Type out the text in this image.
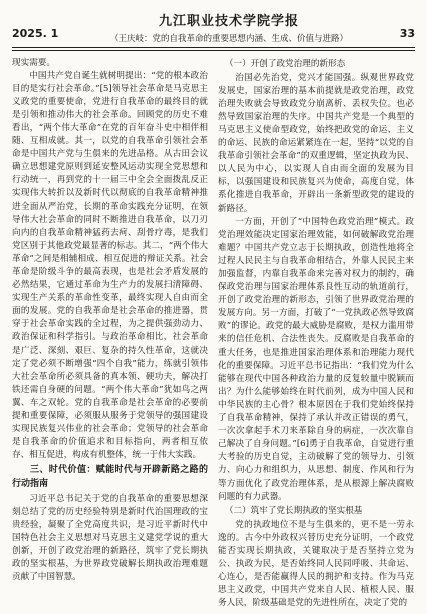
2025. 1
九江职业技术学院学报
（王庆岐：党的自我革命的重要思想内涵、生成、价值与进路）	33

现实需要。

中国共产党自诞生就树明提出：“党的根本政治目的是实行社会革命。”[5]领导社会革命是马克思主义政党的重要使命，党进行自我革命的最终目的就是引领和推动伟大的社会革命。回顾党的历史不难看出，“两个伟大革命”在党的百年奋斗史中相伴相随、互相成就。其一，以党的自我革命引领社会革命是中国共产党与生俱来的先进品格。从古田会议确立思想建党原则到延安整风运动实现全党思想和行动统一，再到党的十一届三中全会全面拨乱反正实现伟大转折以及新时代以彻底的自我革命精神推进全面从严治党，长期的革命实践充分证明，在领导伟大社会革命的同时不断推进自我革命，以刀刃向内的自我革命精神猛药去疴、刮骨疗毒，是我们党区别于其他政党最显著的标志。其二，“两个伟大革命”之间是相辅相成、相互促进的辩证关系。社会革命是阶级斗争的最高表现，也是社会矛盾发展的必然结果，它通过革命为生产力的发展扫清障碍、实现生产关系的革命性变革，最终实现人自由而全面的发展。党的自我革命是社会革命的推进器，贯穿于社会革命实践的全过程，为之提供强劲动力、政治保证和科学指引。与政治革命相比，社会革命是广泛、深刻、艰巨、复杂的持久性革命，这就决定了党必须不断增强“四个自我”能力，练就引领伟大社会革命所必须具备的真本领、硬功夫，解决打铁还需自身硬的问题。“两个伟大革命”犹如鸟之两翼、车之双轮。党的自我革命是社会革命的必要前提和重要保障，必须服从服务于党领导的强国建设实现民族复兴伟业的社会革命；党领导的社会革命是自我革命的价值追求和目标指向，两者相互依存、相互促进，构成有机整体，统一于伟大实践。

三、时代价值：赋能时代与开辟新路之路的行动指南

习近平总书记关于党的自我革命的重要思想深刻总结了党的历史经验特别是新时代治国理政的宝贵经验，凝聚了全党高度共识，是习近平新时代中国特色社会主义思想对马克思主义建党学说的重大创新，开创了政党治理的新路径，筑牢了党长期执政的坚实根基，为世界政党破解长期执政治理难题贡献了中国智慧。

（一）开创了政党治理的新形态

治国必先治党，党兴才能国强。纵观世界政党发展史，国家治理的基本前提就是政党治理，政党治理失败就会导致政党分崩离析、丢权失位。也必然导致国家治理的失序。中国共产党是一个典型的马克思主义使命型政党，始终把政党的命运、主义的命运、民族的命运紧紧连在一起，坚持“以党的自我革命引领社会革命”的双重逻辑，坚定执政为民、以人民为中心，以实现人自由而全面的发展为目标，以强国建设和民族复兴为使命，高度自觉，体系化推进自我革命，开辟出一条新型政党的建设的新路径。

一方面，开创了“中国特色政党治理”模式。政党治理效能决定国家治理效能，如何破解政党治理难题？中国共产党立志于长期执政，创造性地将全过程人民民主与自我革命相结合，外靠人民民主来加强监督，内靠自我革命来完善对权力的制约，确保政党治理与国家治理体系良性互动的轨道前行，开创了政党治理的新形态，引领了世界政党治理的发展方向。另一方面，打破了“一党执政必然导致腐败”的谬论。政党的最大威胁是腐败，是权力滥用带来的信任危机、合法性丧失。反腐败是自我革命的重大任务，也是推进国家治理体系和治理能力现代化的重要保障。习近平总书记指出：“我们党为什么能够在现代中国各种政治力量的反复较量中脱颖而出？为什么能够始终在时代前列，成为中国人民和中华民族的主心骨？根本原因在于我们党始终保持了自我革命精神，保持了承认并改正错误的勇气，一次次拿起手术刀来革除自身的病症，一次次靠自己解决了自身问题。”[6]勇于自我革命，自觉进行重大考验的历史自觉，主动破解了党的领导力、引领力、向心力和组织力，从思想、制度、作风和行为等方面优化了政党治理体系，是从根源上解决腐败问题的有力武器。

（二）筑牢了党长期执政的坚实根基

党的执政地位不是与生俱来的，更不是一劳永逸的。古今中外政权兴替历史充分证明，一个政党能否实现长期执政，关键取决于是否坚持立党为公、执政为民，是否始终同人民同呼吸、共命运、心连心，是否能赢得人民的拥护和支持。作为马克思主义政党，中国共产党来自人民、植根人民、服务人民，阶级基础是党的先进性所在，决定了党的
